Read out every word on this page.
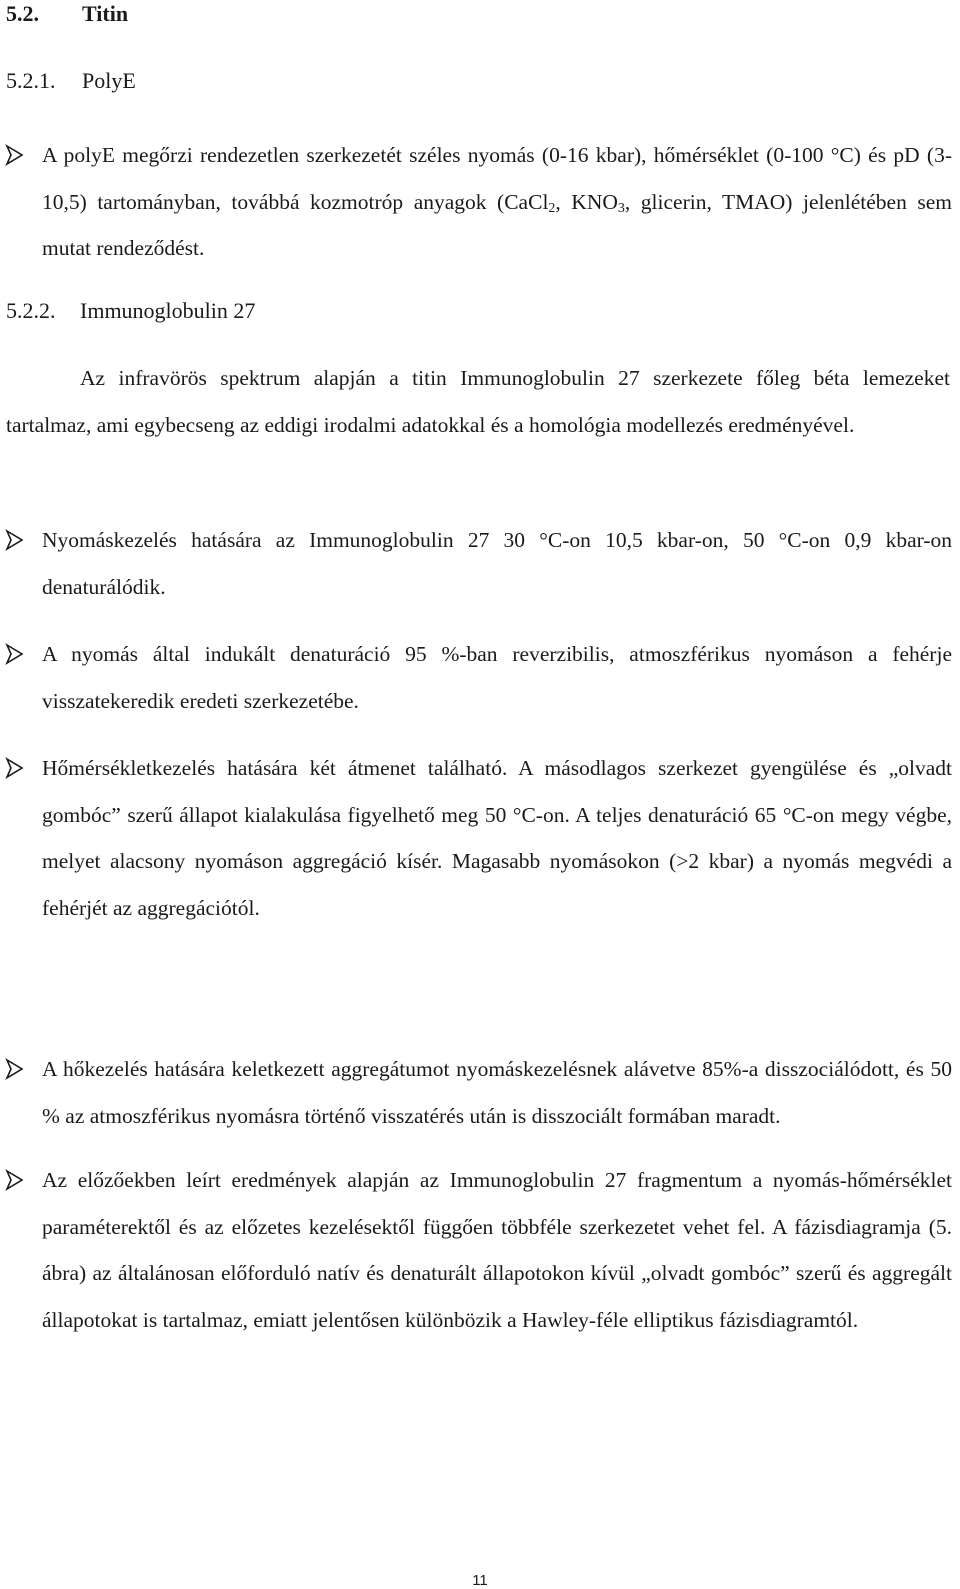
5.2. Titin
5.2.1. PolyE
A polyE megőrzi rendezetlen szerkezetét széles nyomás (0-16 kbar), hőmérséklet (0-100 °C) és pD (3-10,5) tartományban, továbbá kozmotróp anyagok (CaCl$_2$, $KNO_3$, glicerin, TMAO) jelenlétében sem mutat rendeződést.
5.2.2. Immunoglobulin 27
Az infravörös spektrum alapján a titin Immunoglobulin 27 szerkezete főleg béta lemezeket tartalmaz, ami egybecseng az eddigi irodalmi adatokkal és a homológia modellezés eredményével.
Nyomáskezelés hatására az Immunoglobulin 27 30 °C-on 10,5 kbar-on, 50 °C-on 0,9 kbar-on denaturálódik.
A nyomás által indukált denaturáció 95 %-ban reverzibilis, atmoszférikus nyomáson a fehérje visszatekeredik eredeti szerkezetébe.
Hőmérsékletkezelés hatására két átmenet található. A másodlagos szerkezet gyengülése és „olvadt gombóc” szerű állapot kialakulása figyelhető meg 50 °C-on. A teljes denaturáció 65 °C-on megy végbe, melyet alacsony nyomáson aggregáció kísér. Magasabb nyomásokon (>2 kbar) a nyomás megvédi a fehérjét az aggregációtól.
A hőkezelés hatására keletkezett aggregátumot nyomáskezelésnek alávetve 85%-a disszociálódott, és 50 % az atmoszférikus nyomásra történő visszatérés után is disszociált formában maradt.
Az előzőekben leírt eredmények alapján az Immunoglobulin 27 fragmentum a nyomás-hőmérséklet paraméterektől és az előzetes kezelésektől függően többféle szerkezetet vehet fel. A fázisdiagramja (5. ábra) az általánosan előforduló natív és denaturált állapotokon kívül „olvadt gombóc” szerű és aggregált állapotokat is tartalmaz, emiatt jelentősen különbözik a Hawley-féle elliptikus fázisdiagramtól.
11
